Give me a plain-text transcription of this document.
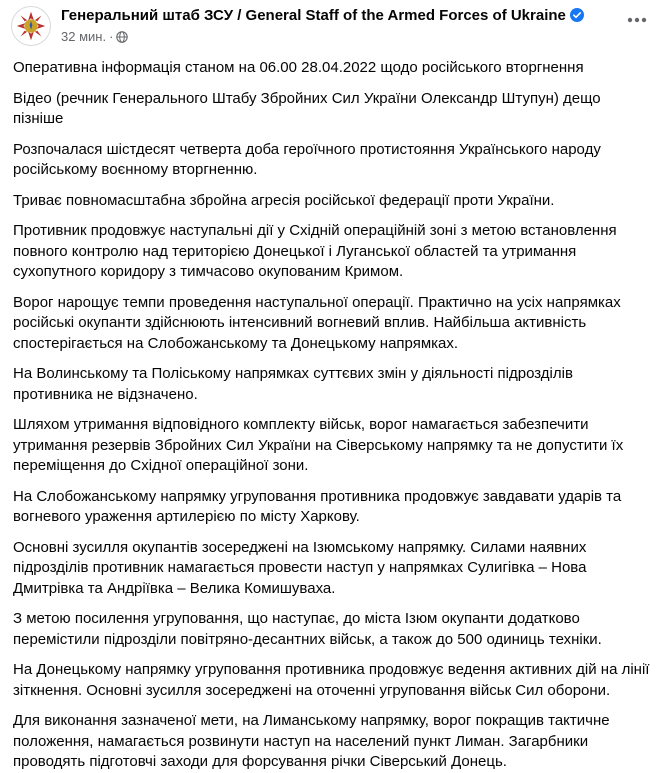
Генеральний штаб ЗСУ / General Staff of the Armed Forces of Ukraine
32 мин. ·

Оперативна інформація станом на 06.00 28.04.2022 щодо російського вторгнення

Відео (речник Генерального Штабу Збройних Сил України Олександр Штупун) дещо пізніше

Розпочалася шістдесят четверта доба героїчного протистояння Українського народу російському воєнному вторгненню.

Триває повномасштабна збройна агресія російської федерації проти України.

Противник продовжує наступальні дії у Східній операційній зоні з метою встановлення повного контролю над територією Донецької і Луганської областей та утримання сухопутного коридору з тимчасово окупованим Кримом.

Ворог нарощує темпи проведення наступальної операції. Практично на усіх напрямках російські окупанти здійснюють інтенсивний вогневий вплив. Найбільша активність спостерігається на Слобожанському та Донецькому напрямках.

На Волинському та Поліському напрямках суттєвих змін у діяльності підрозділів противника не відзначено.

Шляхом утримання відповідного комплекту військ, ворог намагається забезпечити утримання резервів Збройних Сил України на Сіверському напрямку та не допустити їх переміщення до Східної операційної зони.

На Слобожанському напрямку угруповання противника продовжує завдавати ударів та вогневого ураження артилерією по місту Харкову.

Основні зусилля окупантів зосереджені на Ізюмському напрямку. Силами наявних підрозділів противник намагається провести наступ у напрямках Сулигівка – Нова Дмитрівка та Андріївка – Велика Комишуваха.

З метою посилення угруповання, що наступає, до міста Ізюм окупанти додатково перемістили підрозділи повітряно-десантних військ, а також до 500 одиниць техніки.

На Донецькому напрямку угруповання противника продовжує ведення активних дій на лінії зіткнення. Основні зусилля зосереджені на оточенні угруповання військ Сил оборони.

Для виконання зазначеної мети, на Лиманському напрямку, ворог покращив тактичне положення, намагається розвинути наступ на населений пункт Лиман. Загарбники проводять підготовчі заходи для форсування річки Сіверський Донець.
